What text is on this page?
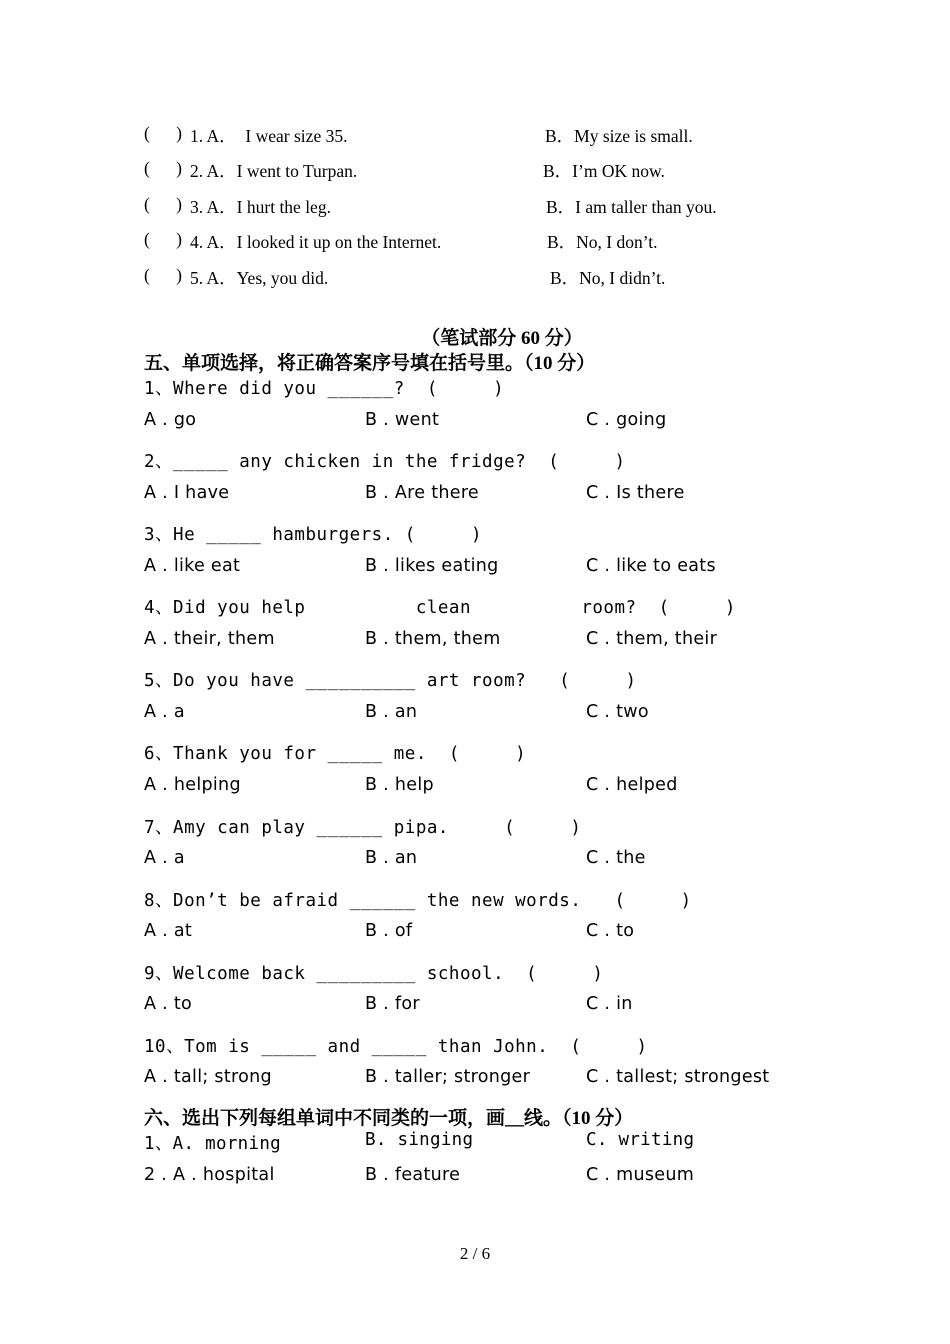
(      ) 1. A．  I wear size 35.	B．My size is small.
(      ) 2. A．I went to Turpan.	B．I’m OK now.
(      ) 3. A．I hurt the leg.	B．I am taller than you.
(      ) 4. A．I looked it up on the Internet.	B．No, I don’t.
(      ) 5. A．Yes, you did.	B．No, I didn’t.
（笔试部分 60 分）
五、单项选择，将正确答案序号填在括号里。（10 分）
1、Where did you ______?  (     )
A . go	B . went	C . going
2、_____ any chicken in the fridge?  (     )
A . I have	B . Are there	C . Is there
3、He _____ hamburgers. (     )
A . like eat	B . likes eating	C . like to eats
4、Did you help          clean          room?  (     )
A . their, them	B . them, them	C . them, their
5、Do you have __________ art room?   (     )
A . a	B . an	C . two
6、Thank you for _____ me.  (     )
A . helping	B . help	C . helped
7、Amy can play ______ pipa.     (     )
A . a	B . an	C . the
8、Don’t be afraid ______ the new words.   (     )
A . at	B . of	C . to
9、Welcome back _________ school.  (     )
A . to	B . for	C . in
10、Tom is _____ and _____ than John.  (     )
A . tall; strong	B . taller; stronger	C . tallest; strongest
六、选出下列每组单词中不同类的一项，画__线。（10 分）
1、A. morning	B. singing	C. writing
2 . A . hospital	B . feature	C . museum
2 / 6
